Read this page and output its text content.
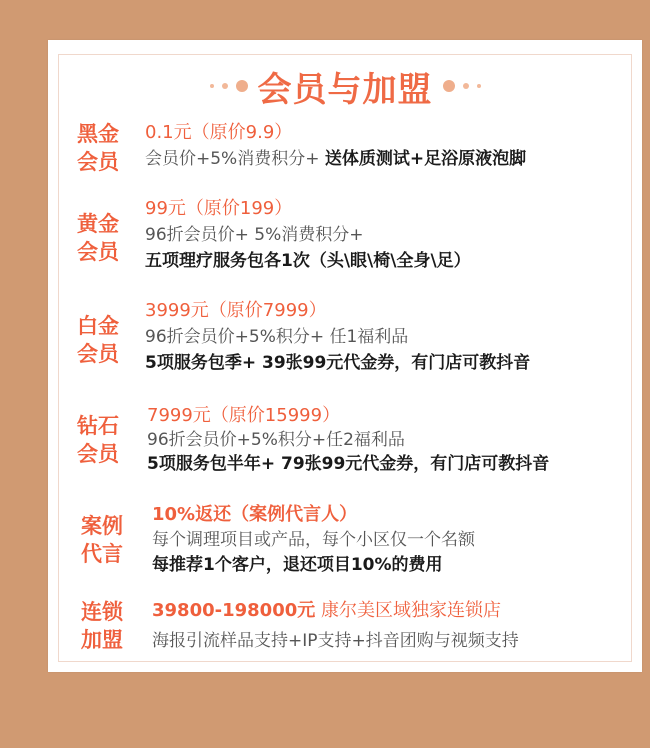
会员与加盟
黑金
会员
0.1元（原价9.9）
会员价+5%消费积分+ 送体质测试+足浴原液泡脚
黄金
会员
99元（原价199）
96折会员价+ 5%消费积分+
五项理疗服务包各1次（头\眼\椅\全身\足）
白金
会员
3999元（原价7999）
96折会员价+5%积分+ 任1福利品
5项服务包季+ 39张99元代金券，有门店可教抖音
钻石
会员
7999元（原价15999）
96折会员价+5%积分+任2福利品
5项服务包半年+ 79张99元代金券，有门店可教抖音
案例
代言
10%返还（案例代言人）
每个调理项目或产品，每个小区仅一个名额
每推荐1个客户，退还项目10%的费用
连锁
加盟
39800-198000元 康尔美区域独家连锁店
海报引流样品支持+IP支持+抖音团购与视频支持
